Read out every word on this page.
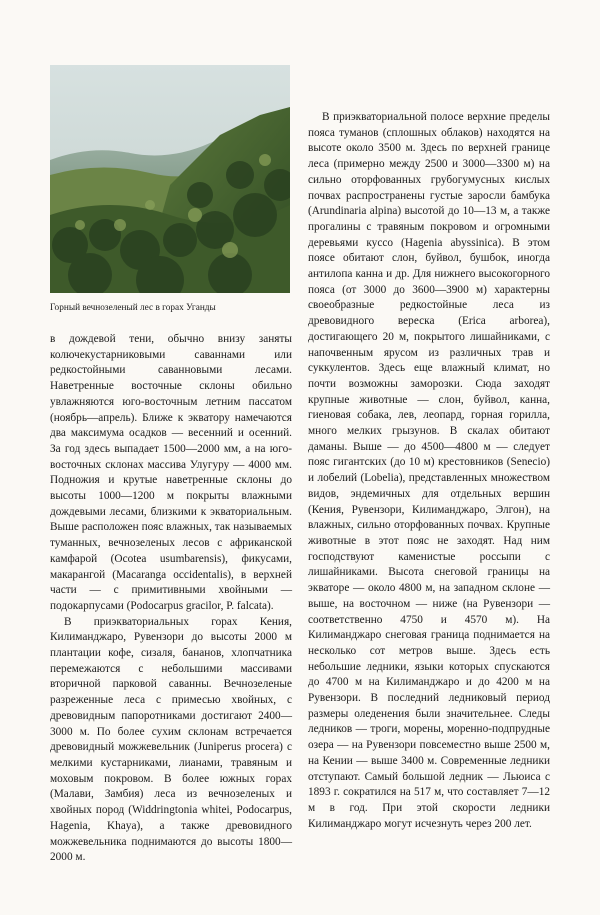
Горный вечнозеленый лес в горах Уганды

в дождевой тени, обычно внизу заняты колючекустарниковыми саваннами или редкостойными саванновыми лесами. Наветренные восточные склоны обильно увлажняются юго-восточным летним пассатом (ноябрь—апрель). Ближе к экватору намечаются два максимума осадков — весенний и осенний. За год здесь выпадает 1500—2000 мм, а на юго-восточных склонах массива Улугуру — 4000 мм. Подножия и крутые наветренные склоны до высоты 1000—1200 м покрыты влажными дождевыми лесами, близкими к экваториальным. Выше расположен пояс влажных, так называемых туманных, вечнозеленых лесов с африканской камфарой (Ocotea usumbarensis), фикусами, макарангой (Macaranga occidentalis), в верхней части — с примитивными хвойными — подокарпусами (Podocarpus gracilor, P. falcata).

В приэкваториальных горах Кения, Килиманджаро, Рувензори до высоты 2000 м плантации кофе, сизаля, бананов, хлопчатника перемежаются с небольшими массивами вторичной парковой саванны. Вечнозеленые разреженные леса с примесью хвойных, с древовидным папоротниками достигают 2400—3000 м. По более сухим склонам встречается древовидный можжевельник (Juniperus procera) с мелкими кустарниками, лианами, травяным и моховым покровом. В более южных горах (Малави, Замбия) леса из вечнозеленых и хвойных пород (Widdringtonia whitei, Podocarpus, Hagenia, Khaya), а также древовидного можжевельника поднимаются до высоты 1800—2000 м.

В приэкваториальной полосе верхние пределы пояса туманов (сплошных облаков) находятся на высоте около 3500 м. Здесь по верхней границе леса (примерно между 2500 и 3000—3300 м) на сильно оторфованных грубогумусных кислых почвах распространены густые заросли бамбука (Arundinaria alpina) высотой до 10—13 м, а также прогалины с травяным покровом и огромными деревьями куссо (Hagenia abyssinica). В этом поясе обитают слон, буйвол, бушбок, иногда антилопа канна и др. Для нижнего высокогорного пояса (от 3000 до 3600—3900 м) характерны своеобразные редкостойные леса из древовидного вереска (Erica arborea), достигающего 20 м, покрытого лишайниками, с напочвенным ярусом из различных трав и суккулентов. Здесь еще влажный климат, но почти возможны заморозки. Сюда заходят крупные животные — слон, буйвол, канна, гиеновая собака, лев, леопард, горная горилла, много мелких грызунов. В скалах обитают даманы. Выше — до 4500—4800 м — следует пояс гигантских (до 10 м) крестовников (Senecio) и лобелий (Lobelia), представленных множеством видов, эндемичных для отдельных вершин (Кения, Рувензори, Килиманджаро, Элгон), на влажных, сильно оторфованных почвах. Крупные животные в этот пояс не заходят. Над ним господствуют каменистые россыпи с лишайниками. Высота снеговой границы на экваторе — около 4800 м, на западном склоне — выше, на восточном — ниже (на Рувензори — соответственно 4750 и 4570 м). На Килиманджаро снеговая граница поднимается на несколько сот метров выше. Здесь есть небольшие ледники, языки которых спускаются до 4700 м на Килиманджаро и до 4200 м на Рувензори. В последний ледниковый период размеры оледенения были значительнее. Следы ледников — троги, морены, моренно-подпрудные озера — на Рувензори повсеместно выше 2500 м, на Кении — выше 3400 м. Современные ледники отступают. Самый большой ледник — Льюиса с 1893 г. сократился на 517 м, что составляет 7—12 м в год. При этой скорости ледники Килиманджаро могут исчезнуть через 200 лет.
